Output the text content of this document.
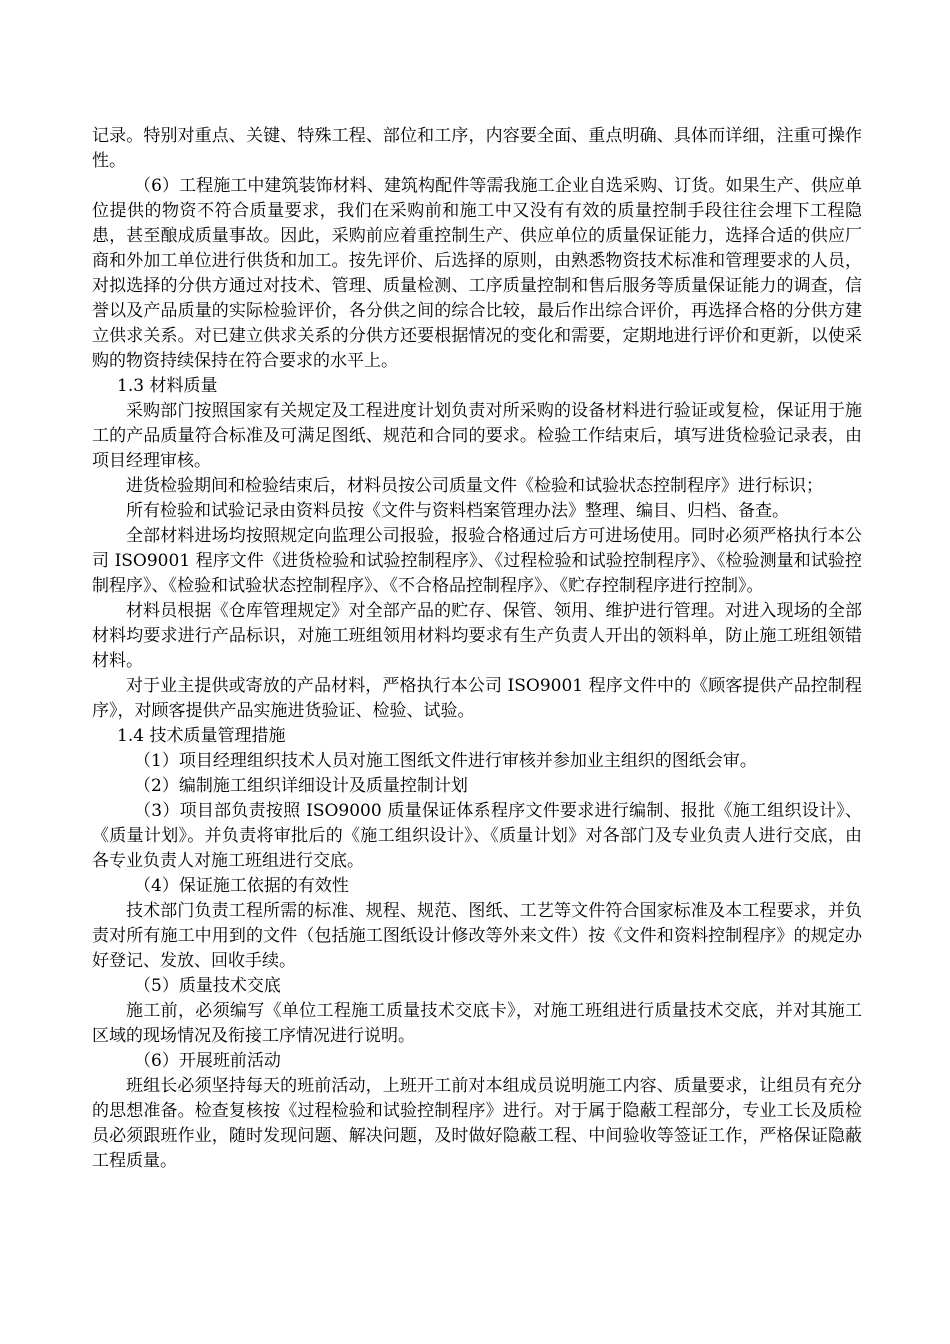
记录。特别对重点、关键、特殊工程、部位和工序，内容要全面、重点明确、具体而详细，注重可操作性。

（6）工程施工中建筑装饰材料、建筑构配件等需我施工企业自选采购、订货。如果生产、供应单位提供的物资不符合质量要求，我们在采购前和施工中又没有有效的质量控制手段往往会埋下工程隐患，甚至酿成质量事故。因此，采购前应着重控制生产、供应单位的质量保证能力，选择合适的供应厂商和外加工单位进行供货和加工。按先评价、后选择的原则，由熟悉物资技术标准和管理要求的人员，对拟选择的分供方通过对技术、管理、质量检测、工序质量控制和售后服务等质量保证能力的调查，信誉以及产品质量的实际检验评价，各分供之间的综合比较，最后作出综合评价，再选择合格的分供方建立供求关系。对已建立供求关系的分供方还要根据情况的变化和需要，定期地进行评价和更新，以使采购的物资持续保持在符合要求的水平上。

1.3 材料质量

采购部门按照国家有关规定及工程进度计划负责对所采购的设备材料进行验证或复检，保证用于施工的产品质量符合标准及可满足图纸、规范和合同的要求。检验工作结束后，填写进货检验记录表，由项目经理审核。

进货检验期间和检验结束后，材料员按公司质量文件《检验和试验状态控制程序》进行标识；

所有检验和试验记录由资料员按《文件与资料档案管理办法》整理、编目、归档、备查。

全部材料进场均按照规定向监理公司报验，报验合格通过后方可进场使用。同时必须严格执行本公司 ISO9001 程序文件《进货检验和试验控制程序》、《过程检验和试验控制程序》、《检验测量和试验控制程序》、《检验和试验状态控制程序》、《不合格品控制程序》、《贮存控制程序进行控制》。

材料员根据《仓库管理规定》对全部产品的贮存、保管、领用、维护进行管理。对进入现场的全部材料均要求进行产品标识，对施工班组领用材料均要求有生产负责人开出的领料单，防止施工班组领错材料。

对于业主提供或寄放的产品材料，严格执行本公司 ISO9001 程序文件中的《顾客提供产品控制程序》，对顾客提供产品实施进货验证、检验、试验。

1.4 技术质量管理措施

（1）项目经理组织技术人员对施工图纸文件进行审核并参加业主组织的图纸会审。

（2）编制施工组织详细设计及质量控制计划

（3）项目部负责按照 ISO9000 质量保证体系程序文件要求进行编制、报批《施工组织设计》、《质量计划》。并负责将审批后的《施工组织设计》、《质量计划》对各部门及专业负责人进行交底，由各专业负责人对施工班组进行交底。

（4）保证施工依据的有效性

技术部门负责工程所需的标准、规程、规范、图纸、工艺等文件符合国家标准及本工程要求，并负责对所有施工中用到的文件（包括施工图纸设计修改等外来文件）按《文件和资料控制程序》的规定办好登记、发放、回收手续。

（5）质量技术交底

施工前，必须编写《单位工程施工质量技术交底卡》，对施工班组进行质量技术交底，并对其施工区域的现场情况及衔接工序情况进行说明。

（6）开展班前活动

班组长必须坚持每天的班前活动，上班开工前对本组成员说明施工内容、质量要求，让组员有充分的思想准备。检查复核按《过程检验和试验控制程序》进行。对于属于隐蔽工程部分，专业工长及质检员必须跟班作业，随时发现问题、解决问题，及时做好隐蔽工程、中间验收等签证工作，严格保证隐蔽工程质量。
